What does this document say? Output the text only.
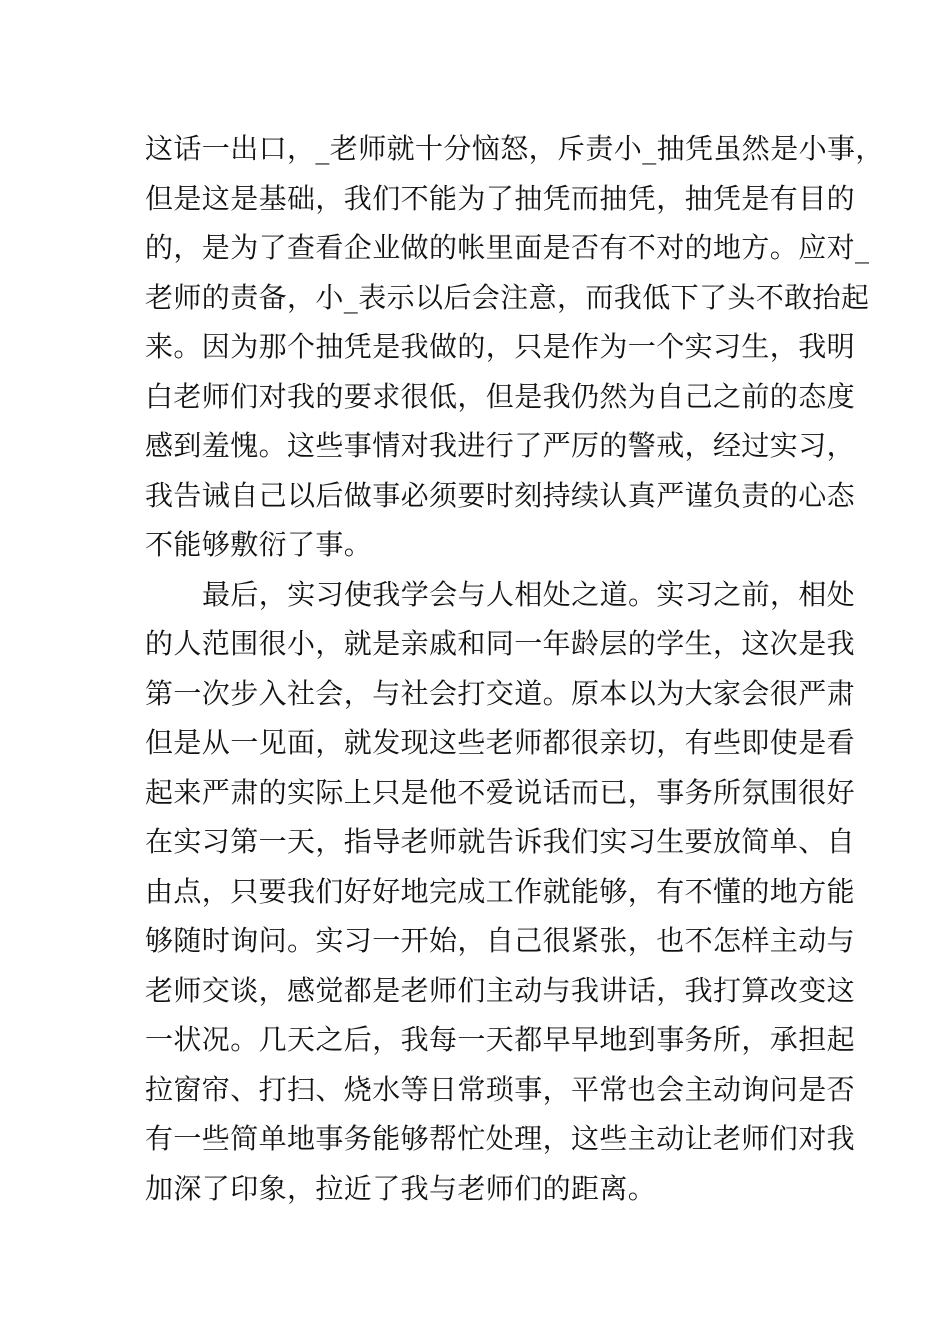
这话一出口，_老师就十分恼怒，斥责小_抽凭虽然是小事，
但是这是基础，我们不能为了抽凭而抽凭，抽凭是有目的
的，是为了查看企业做的帐里面是否有不对的地方。应对_
老师的责备，小_表示以后会注意，而我低下了头不敢抬起
来。因为那个抽凭是我做的，只是作为一个实习生，我明
白老师们对我的要求很低，但是我仍然为自己之前的态度
感到羞愧。这些事情对我进行了严厉的警戒，经过实习，
我告诫自己以后做事必须要时刻持续认真严谨负责的心态
不能够敷衍了事。
最后，实习使我学会与人相处之道。实习之前，相处
的人范围很小，就是亲戚和同一年龄层的学生，这次是我
第一次步入社会，与社会打交道。原本以为大家会很严肃
但是从一见面，就发现这些老师都很亲切，有些即使是看
起来严肃的实际上只是他不爱说话而已，事务所氛围很好
在实习第一天，指导老师就告诉我们实习生要放简单、自
由点，只要我们好好地完成工作就能够，有不懂的地方能
够随时询问。实习一开始，自己很紧张，也不怎样主动与
老师交谈，感觉都是老师们主动与我讲话，我打算改变这
一状况。几天之后，我每一天都早早地到事务所，承担起
拉窗帘、打扫、烧水等日常琐事，平常也会主动询问是否
有一些简单地事务能够帮忙处理，这些主动让老师们对我
加深了印象，拉近了我与老师们的距离。
